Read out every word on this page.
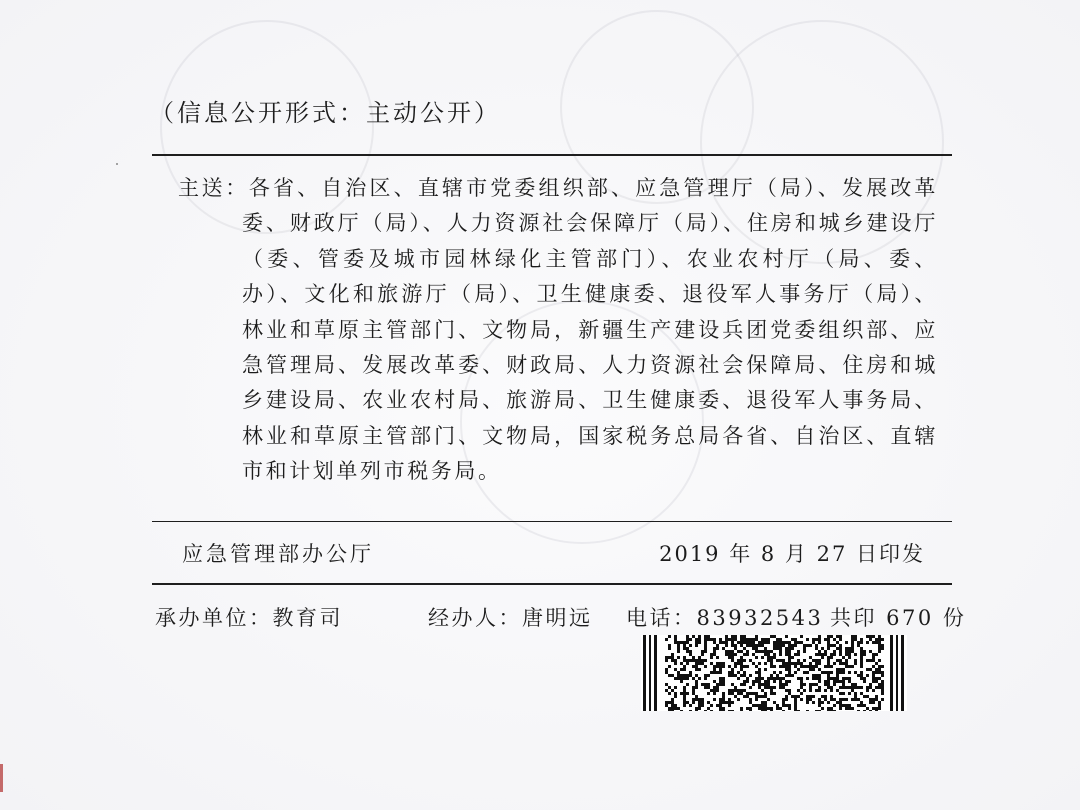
（信息公开形式：主动公开）
主送： 各省、自治区、直辖市党委组织部、应急管理厅（局）、发展改革委、财政厅（局）、人力资源社会保障厅（局）、住房和城乡建设厅（委、管委及城市园林绿化主管部门）、农业农村厅（局、委、办）、文化和旅游厅（局）、卫生健康委、退役军人事务厅（局）、林业和草原主管部门、文物局，新疆生产建设兵团党委组织部、应急管理局、发展改革委、财政局、人力资源社会保障局、住房和城乡建设局、农业农村局、旅游局、卫生健康委、退役军人事务局、林业和草原主管部门、文物局，国家税务总局各省、自治区、直辖市和计划单列市税务局。
应急管理部办公厅	2019 年 8 月 27 日印发
承办单位：教育司	经办人：唐明远 电话：83932543 共印 670 份
